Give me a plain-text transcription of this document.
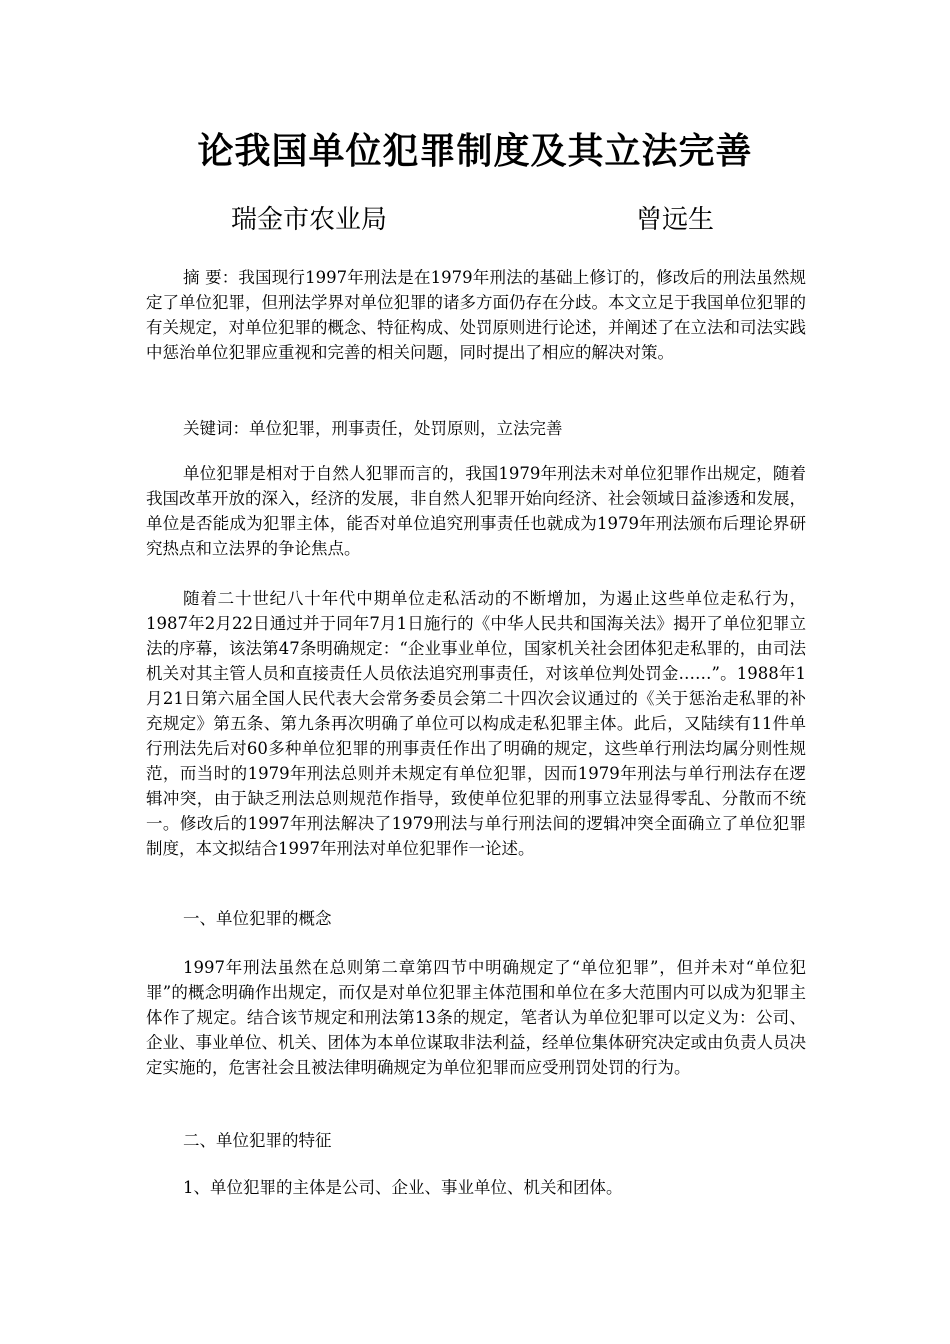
论我国单位犯罪制度及其立法完善
瑞金市农业局	曾远生

摘 要：我国现行1997年刑法是在1979年刑法的基础上修订的，修改后的刑法虽然规定了单位犯罪，但刑法学界对单位犯罪的诸多方面仍存在分歧。本文立足于我国单位犯罪的有关规定，对单位犯罪的概念、特征构成、处罚原则进行论述，并阐述了在立法和司法实践中惩治单位犯罪应重视和完善的相关问题，同时提出了相应的解决对策。

关键词：单位犯罪，刑事责任，处罚原则，立法完善

单位犯罪是相对于自然人犯罪而言的，我国1979年刑法未对单位犯罪作出规定，随着我国改革开放的深入，经济的发展，非自然人犯罪开始向经济、社会领域日益渗透和发展，单位是否能成为犯罪主体，能否对单位追究刑事责任也就成为1979年刑法颁布后理论界研究热点和立法界的争论焦点。

随着二十世纪八十年代中期单位走私活动的不断增加，为遏止这些单位走私行为，1987年2月22日通过并于同年7月1日施行的《中华人民共和国海关法》揭开了单位犯罪立法的序幕，该法第47条明确规定：“企业事业单位，国家机关社会团体犯走私罪的，由司法机关对其主管人员和直接责任人员依法追究刑事责任，对该单位判处罚金……”。1988年1月21日第六届全国人民代表大会常务委员会第二十四次会议通过的《关于惩治走私罪的补充规定》第五条、第九条再次明确了单位可以构成走私犯罪主体。此后，又陆续有11件单行刑法先后对60多种单位犯罪的刑事责任作出了明确的规定，这些单行刑法均属分则性规范，而当时的1979年刑法总则并未规定有单位犯罪，因而1979年刑法与单行刑法存在逻辑冲突，由于缺乏刑法总则规范作指导，致使单位犯罪的刑事立法显得零乱、分散而不统一。修改后的1997年刑法解决了1979刑法与单行刑法间的逻辑冲突全面确立了单位犯罪制度，本文拟结合1997年刑法对单位犯罪作一论述。

一、单位犯罪的概念

1997年刑法虽然在总则第二章第四节中明确规定了“单位犯罪”，但并未对“单位犯罪”的概念明确作出规定，而仅是对单位犯罪主体范围和单位在多大范围内可以成为犯罪主体作了规定。结合该节规定和刑法第13条的规定，笔者认为单位犯罪可以定义为：公司、企业、事业单位、机关、团体为本单位谋取非法利益，经单位集体研究决定或由负责人员决定实施的，危害社会且被法律明确规定为单位犯罪而应受刑罚处罚的行为。

二、单位犯罪的特征

1、单位犯罪的主体是公司、企业、事业单位、机关和团体。
